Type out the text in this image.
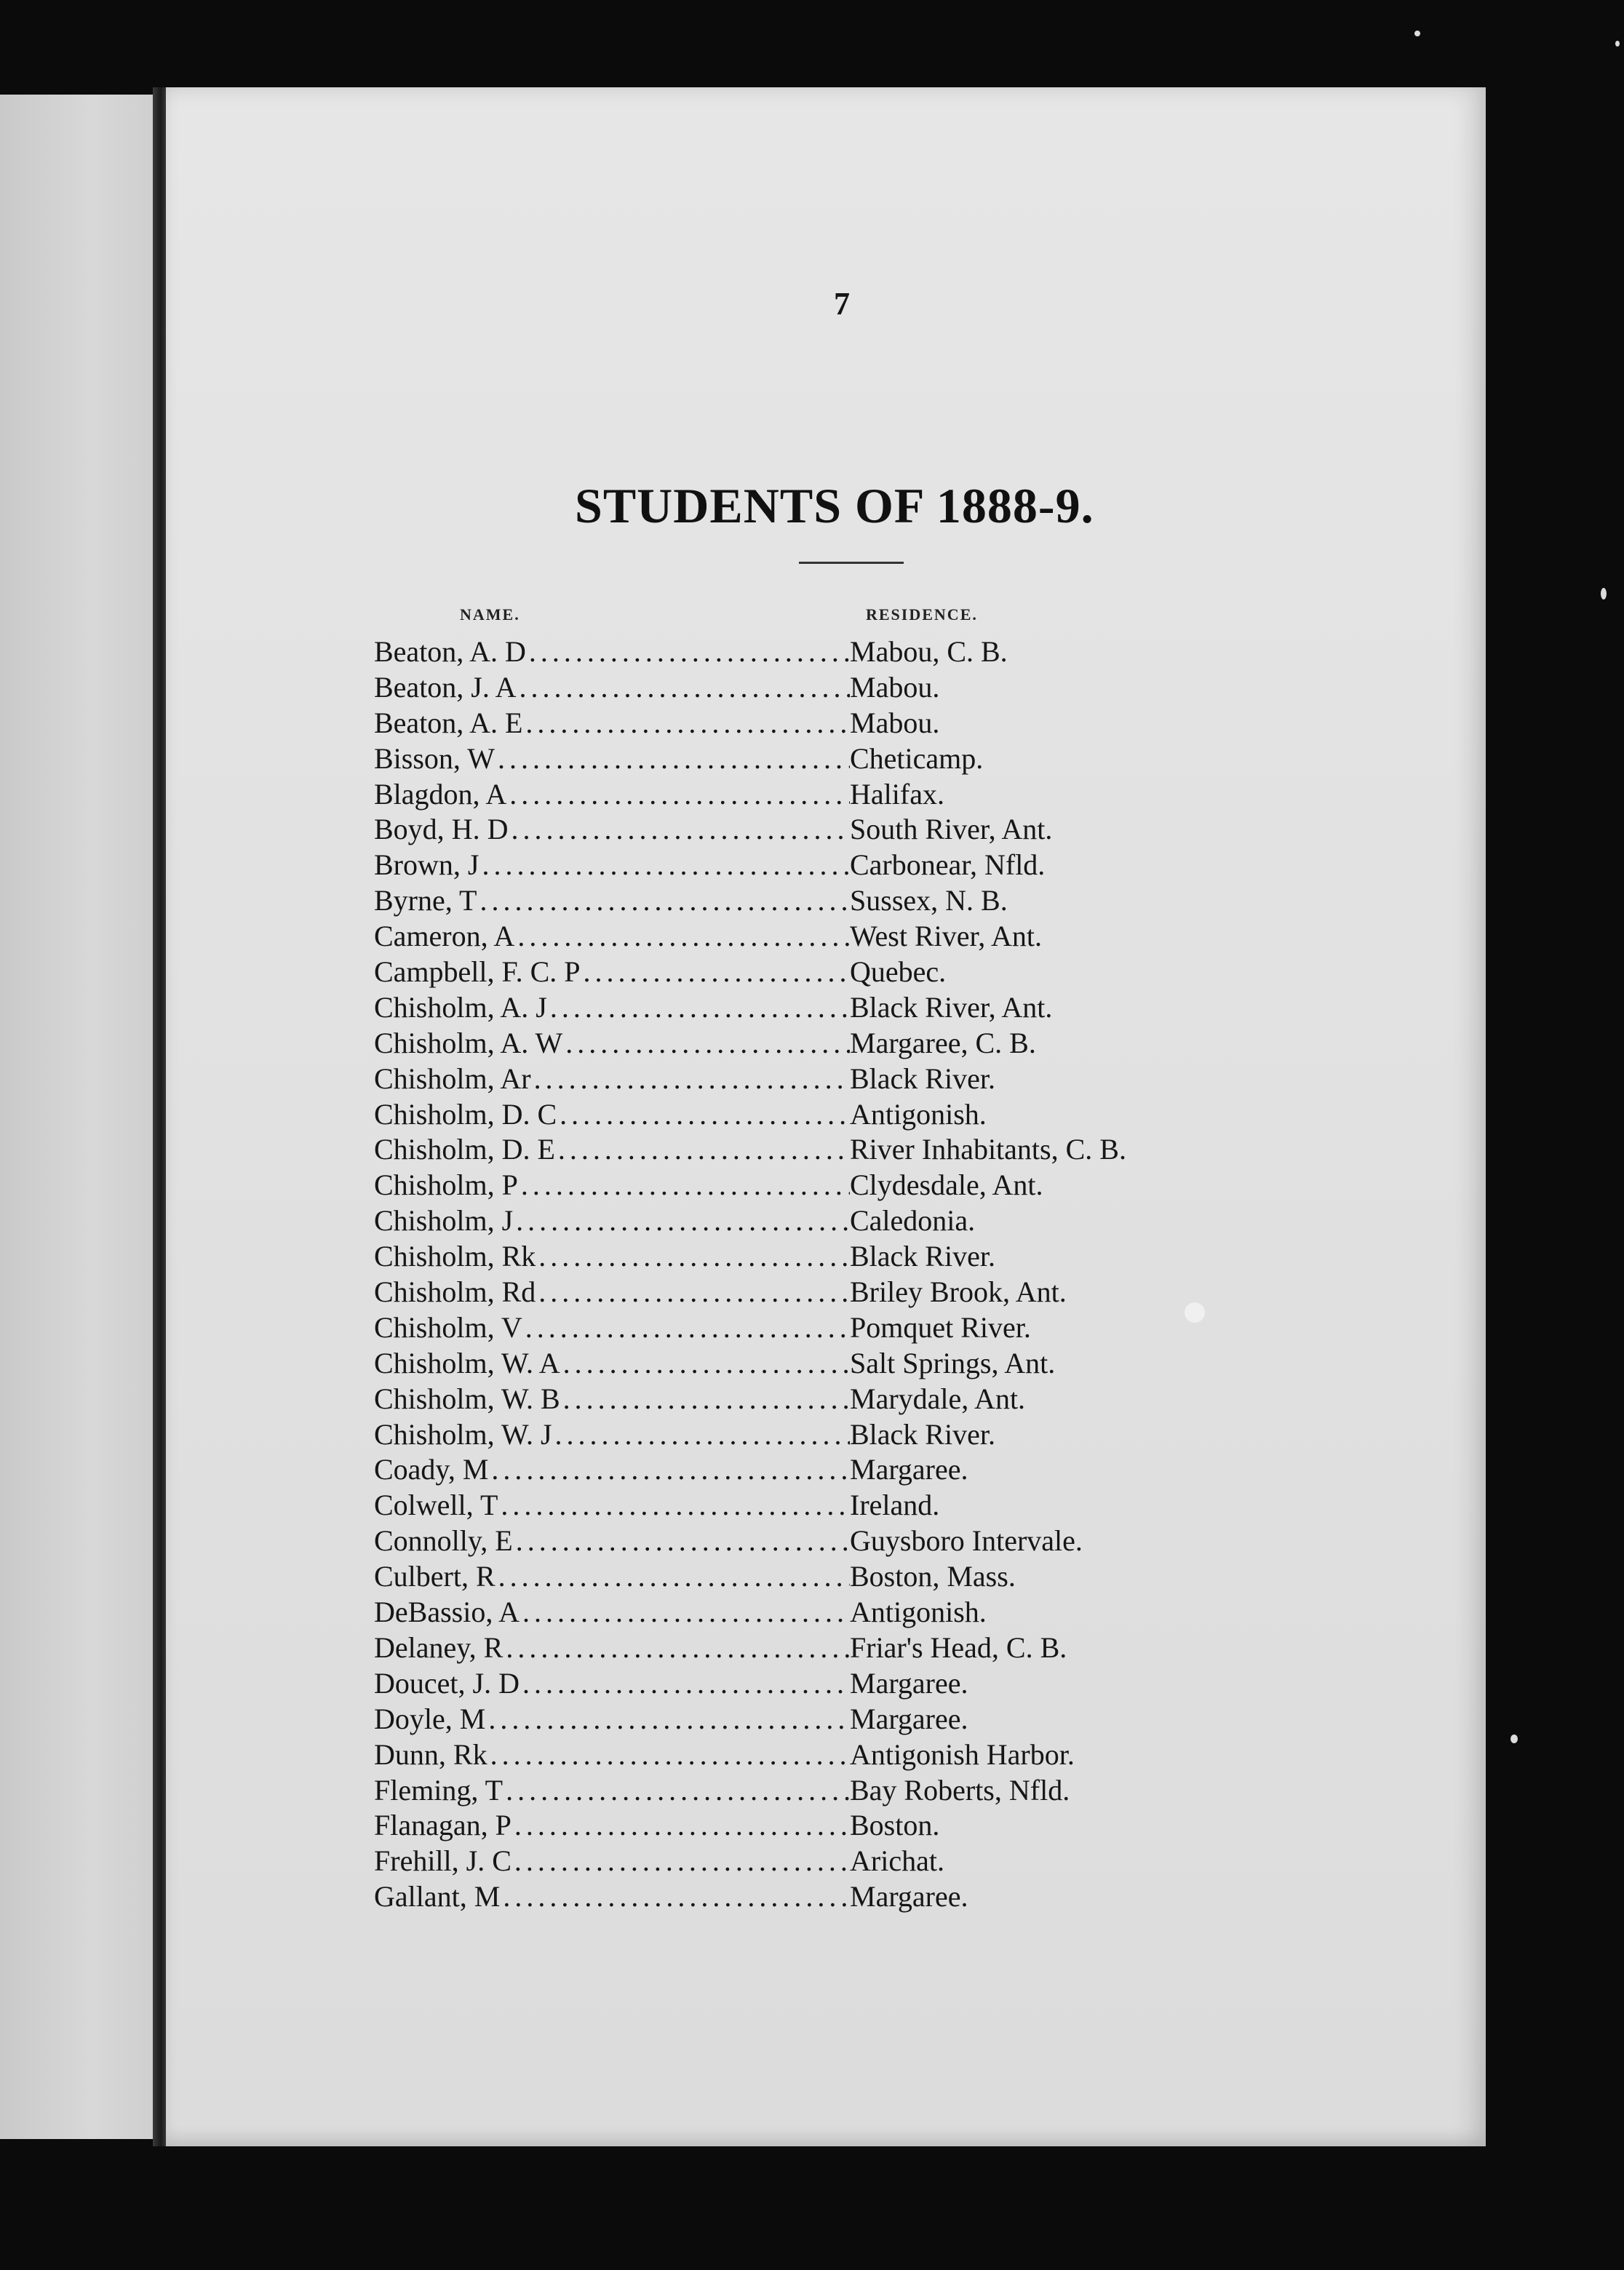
7
STUDENTS OF 1888-9.
NAME.	RESIDENCE.
Beaton, A. D .....	Mabou, C. B.
Beaton, J. A .....	Mabou.
Beaton, A. E .....	Mabou.
Bisson, W .....	Cheticamp.
Blagdon, A .....	Halifax.
Boyd, H. D .....	South River, Ant.
Brown, J .....	Carbonear, Nfld.
Byrne, T .....	Sussex, N. B.
Cameron, A .....	West River, Ant.
Campbell, F. C. P .....	Quebec.
Chisholm, A. J .....	Black River, Ant.
Chisholm, A. W .....	Margaree, C. B.
Chisholm, Ar .....	Black River.
Chisholm, D. C .....	Antigonish.
Chisholm, D. E .....	River Inhabitants, C. B.
Chisholm, P .....	Clydesdale, Ant.
Chisholm, J .....	Caledonia.
Chisholm, Rk .....	Black River.
Chisholm, Rd .....	Briley Brook, Ant.
Chisholm, V .....	Pomquet River.
Chisholm, W. A .....	Salt Springs, Ant.
Chisholm, W. B .....	Marydale, Ant.
Chisholm, W. J .....	Black River.
Coady, M .....	Margaree.
Colwell, T .....	Ireland.
Connolly, E .....	Guysboro Intervale.
Culbert, R .....	Boston, Mass.
DeBassio, A .....	Antigonish.
Delaney, R .....	Friar's Head, C. B.
Doucet, J. D .....	Margaree.
Doyle, M .....	Margaree.
Dunn, Rk .....	Antigonish Harbor.
Fleming, T .....	Bay Roberts, Nfld.
Flanagan, P .....	Boston.
Frehill, J. C .....	Arichat.
Gallant, M .....	Margaree.
